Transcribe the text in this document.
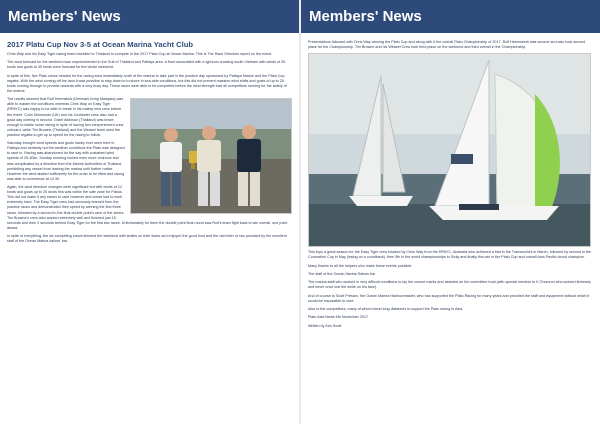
Members' News
2017 Platu Cup Nov 3-5 at Ocean Marina Yacht Club

Chris Way and his Easy Tiger racing team travelled to Thailand to compete in the 2017 Platu Cup at Ocean Marina. This is The Race Directors report on the event.

The wind forecast for the weekend was unprecedented in the Gulf of Thailand and Pattaya area. A front associated with a typhoon crossing south Vietnam with winds of 25 knots and gusts to 35 knots were forecast for the whole weekend.

In spite of this, five Platu crews headed for the racing area immediately north of the marina to take part in the practice day sponsored by Pattaya Marine and the Platu Cup regatta. With the wind coming off the land it was possible to stay down in to shore in sea able conditions, but this did not prevent massive wind shifts and gusts of up to 25 knots coming through to provide hazards with a very busy day. These races were able to be completed before the wind strength had all competitors running for the safety of the marina.

The results showed that Rolf Heemskirk (Denmark living Malaysia) was able to master the conditions whereas Chris Way on Easy Tiger (RPAYC) was happy to be able to break in his mainly new crew before the event. Colin Simmonds (UK) and his Cocktailer crew also had a good day coming in second. Grant Atkinson (Thailand) was brave enough to tackle some racing in spite of having two inexperienced crew onboard, while Tim Browne (Thailand) and the Weasel team used the practice regatta to get up to speed for the racing to follow.

Saturday brought wind speeds and gusts hardly ever seen here in Pattaya and certainly not the weather conditions the Platu was designed to race in. Racing was abandoned for the day with sustained wind speeds of 25-30kn. Sunday morning looked even more ominous and was complicated by a directive from the Marine Authorities of Thailand prohibiting any vessel from leaving the marina until further notice. However the wind abated sufficiently for the order to be lifted and racing was able to commence at 12:30.

Again, the wind direction changes were significant but with winds of 12 knots and gusts up to 20 knots this was within the safe zone for Platus. This did not make it any easier to race however and crews had to work extremely hard. The Easy Tiger crew had obviously learned from the practice races and demonstrated their speed by winning the first three races, followed by a second in the final double point's race of the series. Tim Browne's crew also worked extremely well and finished just 15 seconds and then 2 seconds behind Easy Tiger for the first two races. Unfortunately for them the double point final round saw Rolf's team fight back to win overall, one point ahead.

In spite of everything, the six competing crews finished the weekend with smiles on their faces and enjoyed the good food and the odd beer or two provided by the excellent staff of the Ocean Marina sailors' bar.

Members' News

Presentations followed with Chris Way winning the Platu Cup and along with it the overall Platu Championship of 2017. Rolf Heemskerk was second and also took second place for the Championship. Tim Browne and his Weasel Crew took third place on the weekend and third overall in the Championship.

This tops a great season for the Easy Tiger crew headed by Chris Way from the RPAYC, Australia who achieved a first in the Transworld's in March, followed by second in the Coronation Cup in May (losing on a countback), then 5th in the world championships in Sicily and finally this win in the Platu Cup and overall Asia Pacific circuit champion.

Many thanks to all the helpers who make these events possible.

The staff of the Ocean Marina Sailors bar

The marina staff who worked in very difficult conditions to lay the course marks and assisted on the committee boat (with special mention to K Chumron who worked tirelessly and never once lost the smile on his face).

And of course to Scott Preston, the Ocean Marina Harbourmaster, who has supported the Platu Racing for many years and provided the staff and equipment without which it would be impossible to race.

Also to the competitors, many of whom travel long distances to support the Platu racing in Asia.

Platu Asia News 6th November 2017

Written by Kev Scott
